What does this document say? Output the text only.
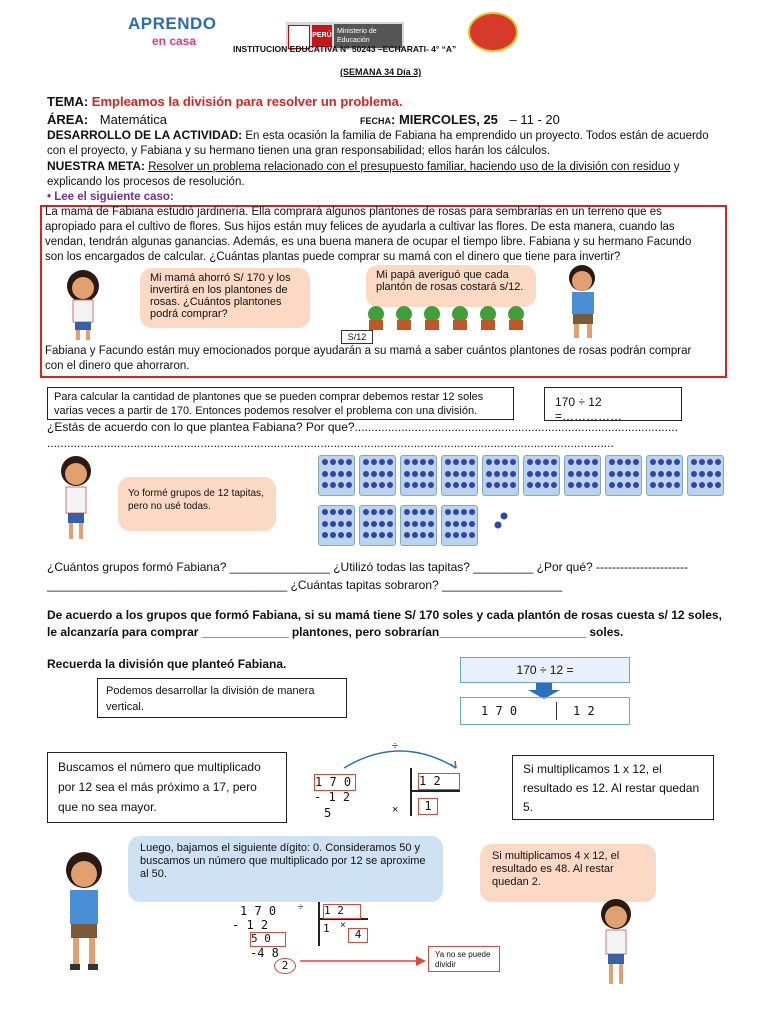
APRENDO
en casa	PERÚ
Ministerio de Educación
INSTITUCION EDUCATIVA N° 50243 –ECHARATI- 4° “A”
(SEMANA 34 Día 3)
TEMA: Empleamos la división para resolver un problema.
ÁREA: Matemática	FECHA: MIERCOLES, 25 – 11 - 20
DESARROLLO DE LA ACTIVIDAD: En esta ocasión la familia de Fabiana ha emprendido un proyecto. Todos están de acuerdo
con el proyecto, y Fabiana y su hermano tienen una gran responsabilidad; ellos harán los cálculos.
NUESTRA META: Resolver un problema relacionado con el presupuesto familiar, haciendo uso de la división con residuo y
explicando los procesos de resolución.
• Lee el siguiente caso:
La mamá de Fabiana estudió jardinería. Ella comprará algunos plantones de rosas para sembrarlas en un terreno que es
apropiado para el cultivo de flores. Sus hijos están muy felices de ayudarla a cultivar las flores. De esta manera, cuando las
vendan, tendrán algunas ganancias. Además, es una buena manera de ocupar el tiempo libre. Fabiana y su hermano Facundo
son los encargados de calcular. ¿Cuántas plantas puede comprar su mamá con el dinero que tiene para invertir?
Mi mamá ahorró S/ 170 y los invertirá en los plantones de rosas. ¿Cuántos plantones podrá comprar?
Mi papá averiguó que cada plantón de rosas costará s/12.
S/12
Fabiana y Facundo están muy emocionados porque ayudarán a su mamá a saber cuántos plantones de rosas podrán comprar
con el dinero que ahorraron.
Para calcular la cantidad de plantones que se pueden comprar debemos restar 12 soles
varias veces a partir de 170. Entonces podemos resolver el problema con una división.
170 ÷ 12 =……………
¿Estás de acuerdo con lo que plantea Fabiana? Por que?.................................................................................................
..........................................................................................................................................................................
Yo formé grupos de 12 tapitas, pero no usé todas.
¿Cuántos grupos formó Fabiana? _______________ ¿Utilizó todas las tapitas? _________ ¿Por qué? -----------------------
____________________________________ ¿Cuántas tapitas sobraron? __________________
De acuerdo a los grupos que formó Fabiana, si su mamá tiene S/ 170 soles y cada plantón de rosas cuesta s/ 12 soles,
le alcanzaría para comprar _____________ plantones, pero sobrarían______________________ soles.
Recuerda la división que planteó Fabiana.
Podemos desarrollar la división de manera vertical.
170 ÷ 12 =
1 7 0	1 2
Buscamos el número que multiplicado por 12 sea el más próximo a 17, pero que no sea mayor.
÷
1 7 0	1 2
- 1 2
5	×	1
Si multiplicamos 1 x 12, el resultado es 12. Al restar quedan 5.
Luego, bajamos el siguiente dígito: 0. Consideramos 50 y buscamos un número que multiplicado por 12 se aproxime al 50.
1 7 0 ÷
- 1 2
1 2
5 0
1 ×
4
-4 8
2
Ya no se puede dividir
Si multiplicamos 4 x 12, el resultado es 48. Al restar quedan 2.
